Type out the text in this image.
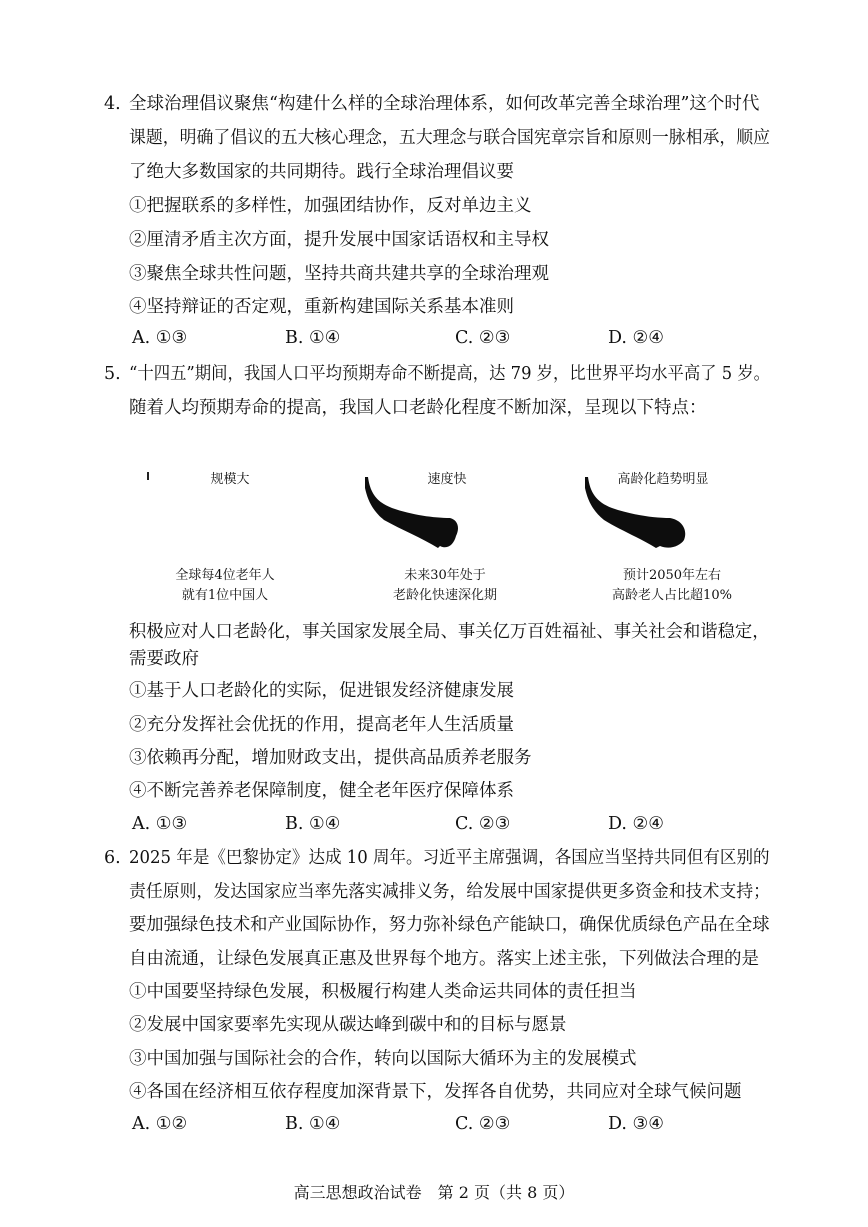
4. 全球治理倡议聚焦“构建什么样的全球治理体系，如何改革完善全球治理”这个时代
课题，明确了倡议的五大核心理念，五大理念与联合国宪章宗旨和原则一脉相承，顺应
了绝大多数国家的共同期待。践行全球治理倡议要
①把握联系的多样性，加强团结协作，反对单边主义
②厘清矛盾主次方面，提升发展中国家话语权和主导权
③聚焦全球共性问题，坚持共商共建共享的全球治理观
④坚持辩证的否定观，重新构建国际关系基本准则
A. ①③	B. ①④	C. ②③	D. ②④
5. “十四五”期间，我国人口平均预期寿命不断提高，达 79 岁，比世界平均水平高了 5 岁。
随着人均预期寿命的提高，我国人口老龄化程度不断加深，呈现以下特点：
规模大	速度快	高龄化趋势明显
全球每4位老年人
就有1位中国人
未来30年处于
老龄化快速深化期
预计2050年左右
高龄老人占比超10%
积极应对人口老龄化，事关国家发展全局、事关亿万百姓福祉、事关社会和谐稳定，
需要政府
①基于人口老龄化的实际，促进银发经济健康发展
②充分发挥社会优抚的作用，提高老年人生活质量
③依赖再分配，增加财政支出，提供高品质养老服务
④不断完善养老保障制度，健全老年医疗保障体系
A. ①③	B. ①④	C. ②③	D. ②④
6. 2025 年是《巴黎协定》达成 10 周年。习近平主席强调，各国应当坚持共同但有区别的
责任原则，发达国家应当率先落实减排义务，给发展中国家提供更多资金和技术支持；
要加强绿色技术和产业国际协作，努力弥补绿色产能缺口，确保优质绿色产品在全球
自由流通，让绿色发展真正惠及世界每个地方。落实上述主张，下列做法合理的是
①中国要坚持绿色发展，积极履行构建人类命运共同体的责任担当
②发展中国家要率先实现从碳达峰到碳中和的目标与愿景
③中国加强与国际社会的合作，转向以国际大循环为主的发展模式
④各国在经济相互依存程度加深背景下，发挥各自优势，共同应对全球气候问题
A. ①②	B. ①④	C. ②③	D. ③④
高三思想政治试卷　第 2 页（共 8 页）
